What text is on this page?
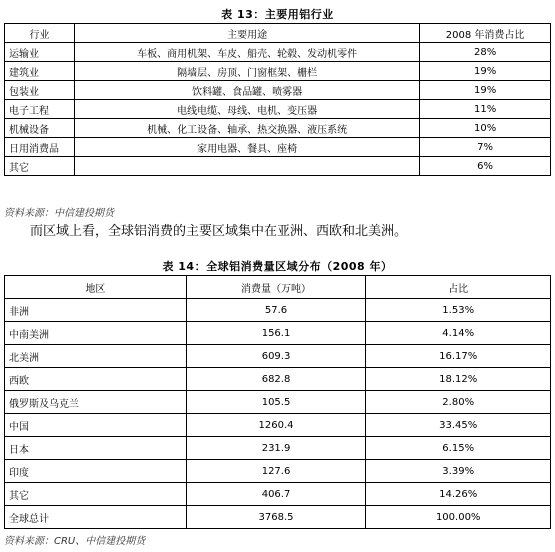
表 13：主要用铝行业
行业	主要用途	2008 年消费占比
运输业	车板、商用机架、车皮、船壳、轮毂、发动机零件	28%
建筑业	隔墙层、房顶、门窗框架、栅栏	19%
包装业	饮料罐、食品罐、喷雾器	19%
电子工程	电线电缆、母线、电机、变压器	11%
机械设备	机械、化工设备、轴承、热交换器、液压系统	10%
日用消费品	家用电器、餐具、座椅	7%
其它		6%
资料来源：中信建投期货
而区域上看，全球铝消费的主要区域集中在亚洲、西欧和北美洲。
表 14：全球铝消费量区域分布（2008 年）
地区	消费量（万吨）	占比
非洲	57.6	1.53%
中南美洲	156.1	4.14%
北美洲	609.3	16.17%
西欧	682.8	18.12%
俄罗斯及乌克兰	105.5	2.80%
中国	1260.4	33.45%
日本	231.9	6.15%
印度	127.6	3.39%
其它	406.7	14.26%
全球总计	3768.5	100.00%
资料来源：CRU、中信建投期货
